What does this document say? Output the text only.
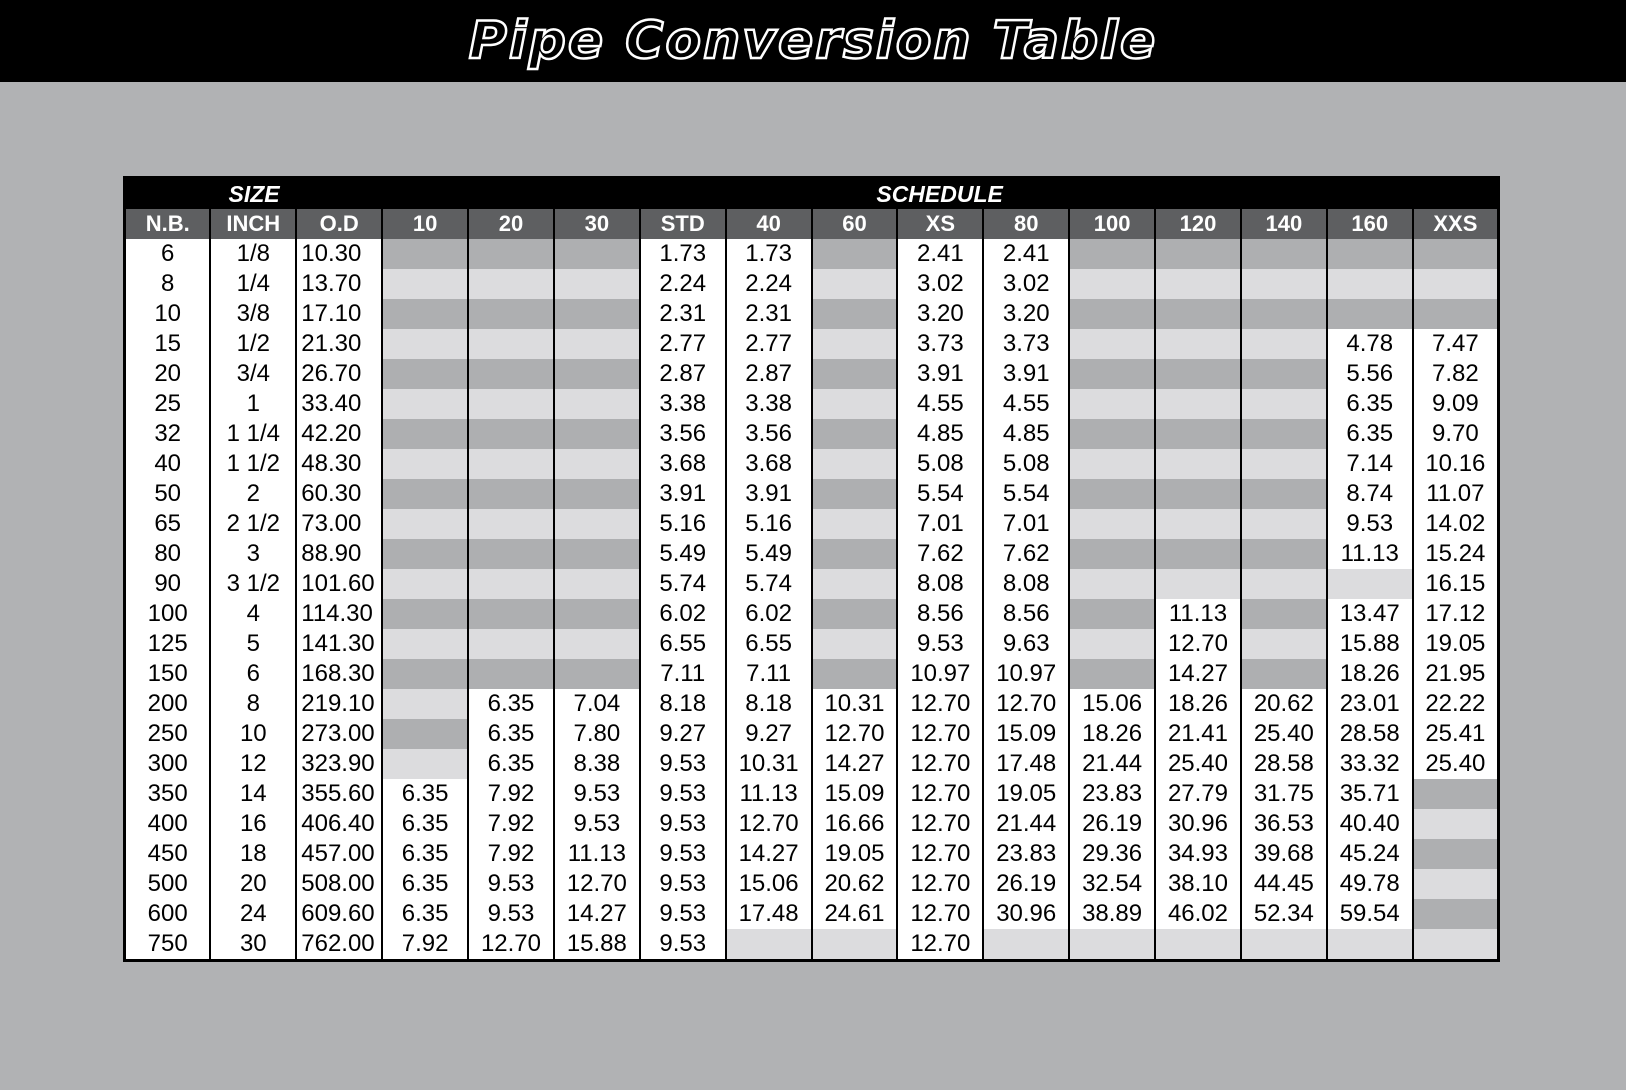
Pipe Conversion Table
SIZE			SCHEDULE												
N.B.	INCH	O.D	10	20	30	STD	40	60	XS	80	100	120	140	160	XXS
6	1/8	10.30				1.73	1.73		2.41	2.41					
8	1/4	13.70				2.24	2.24		3.02	3.02					
10	3/8	17.10				2.31	2.31		3.20	3.20					
15	1/2	21.30				2.77	2.77		3.73	3.73				4.78	7.47
20	3/4	26.70				2.87	2.87		3.91	3.91				5.56	7.82
25	1	33.40				3.38	3.38		4.55	4.55				6.35	9.09
32	1 1/4	42.20				3.56	3.56		4.85	4.85				6.35	9.70
40	1 1/2	48.30				3.68	3.68		5.08	5.08				7.14	10.16
50	2	60.30				3.91	3.91		5.54	5.54				8.74	11.07
65	2 1/2	73.00				5.16	5.16		7.01	7.01				9.53	14.02
80	3	88.90				5.49	5.49		7.62	7.62				11.13	15.24
90	3 1/2	101.60				5.74	5.74		8.08	8.08					16.15
100	4	114.30				6.02	6.02		8.56	8.56		11.13		13.47	17.12
125	5	141.30				6.55	6.55		9.53	9.63		12.70		15.88	19.05
150	6	168.30				7.11	7.11		10.97	10.97		14.27		18.26	21.95
200	8	219.10		6.35	7.04	8.18	8.18	10.31	12.70	12.70	15.06	18.26	20.62	23.01	22.22
250	10	273.00		6.35	7.80	9.27	9.27	12.70	12.70	15.09	18.26	21.41	25.40	28.58	25.41
300	12	323.90		6.35	8.38	9.53	10.31	14.27	12.70	17.48	21.44	25.40	28.58	33.32	25.40
350	14	355.60	6.35	7.92	9.53	9.53	11.13	15.09	12.70	19.05	23.83	27.79	31.75	35.71	
400	16	406.40	6.35	7.92	9.53	9.53	12.70	16.66	12.70	21.44	26.19	30.96	36.53	40.40	
450	18	457.00	6.35	7.92	11.13	9.53	14.27	19.05	12.70	23.83	29.36	34.93	39.68	45.24	
500	20	508.00	6.35	9.53	12.70	9.53	15.06	20.62	12.70	26.19	32.54	38.10	44.45	49.78	
600	24	609.60	6.35	9.53	14.27	9.53	17.48	24.61	12.70	30.96	38.89	46.02	52.34	59.54	
750	30	762.00	7.92	12.70	15.88	9.53			12.70						
